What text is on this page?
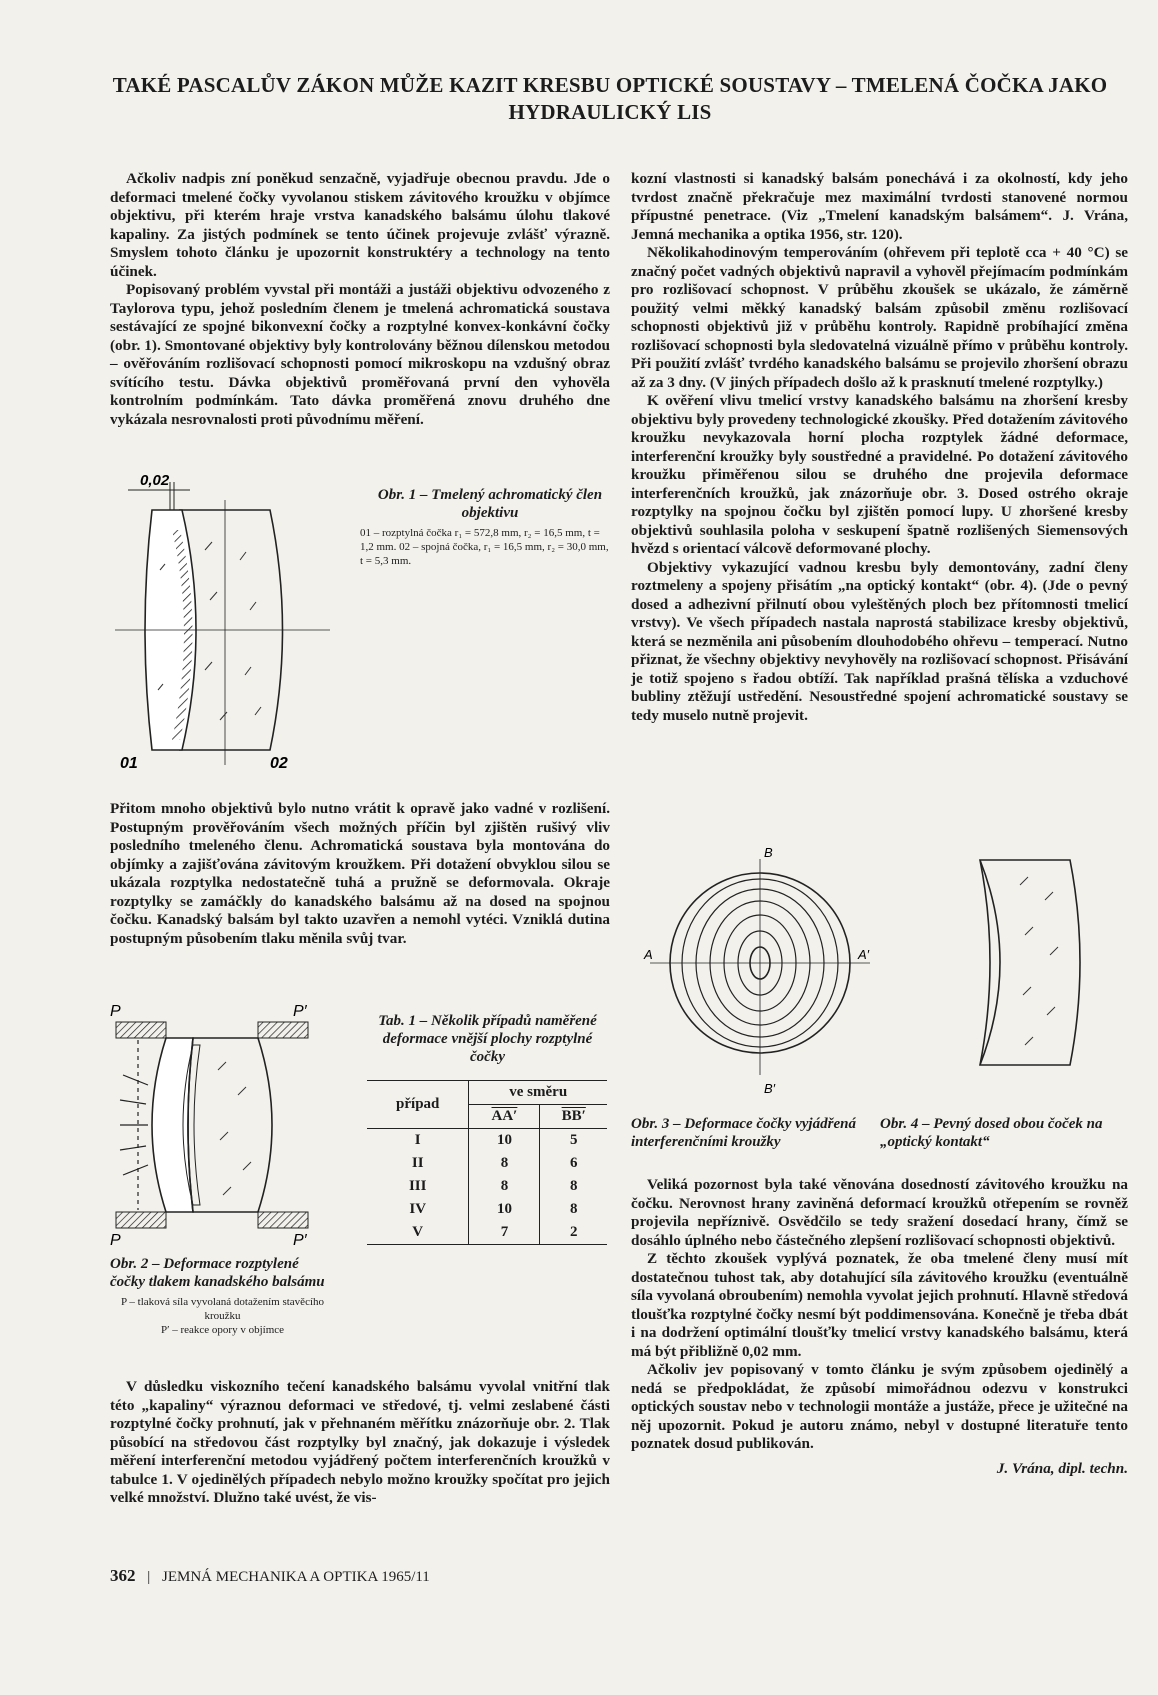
TAKÉ PASCALŮV ZÁKON MŮŽE KAZIT KRESBU OPTICKÉ SOUSTAVY – TMELENÁ ČOČKA JAKO HYDRAULICKÝ LIS

Ačkoliv nadpis zní poněkud senzačně, vyjadřuje obecnou pravdu. Jde o deformaci tmelené čočky vyvolanou stiskem závitového kroužku v objímce objektivu, při kterém hraje vrstva kanadského balsámu úlohu tlakové kapaliny. Za jistých podmínek se tento účinek projevuje zvlášť výrazně. Smyslem tohoto článku je upozornit konstruktéry a technology na tento účinek.

Popisovaný problém vyvstal při montáži a justáži objektivu odvozeného z Taylorova typu, jehož posledním členem je tmelená achromatická soustava sestávající ze spojné bikonvexní čočky a rozptylné konvex-konkávní čočky (obr. 1). Smontované objektivy byly kontrolovány běžnou dílenskou metodou – ověřováním rozlišovací schopnosti pomocí mikroskopu na vzdušný obraz svítícího testu. Dávka objektivů proměřovaná první den vyhověla kontrolním podmínkám. Tato dávka proměřená znovu druhého dne vykázala nesrovnalosti proti původnímu měření.

0,02
01	02
Obr. 1 – Tmelený achromatický člen objektivu
01 – rozptylná čočka r₁ = 572,8 mm, r₂ = 16,5 mm, t = 1,2 mm. 02 – spojná čočka, r₁ = 16,5 mm, r₂ = 30,0 mm, t = 5,3 mm.

Přitom mnoho objektivů bylo nutno vrátit k opravě jako vadné v rozlišení. Postupným prověřováním všech možných příčin byl zjištěn rušivý vliv posledního tmeleného členu. Achromatická soustava byla montována do objímky a zajišťována závitovým kroužkem. Při dotažení obvyklou silou se ukázala rozptylka nedostatečně tuhá a pružně se deformovala. Okraje rozptylky se zamáčkly do kanadského balsámu až na dosed na spojnou čočku. Kanadský balsám byl takto uzavřen a nemohl vytéci. Vzniklá dutina postupným působením tlaku měnila svůj tvar.

P	P′
P	P′
Obr. 2 – Deformace rozptylené čočky tlakem kanadského balsámu
P – tlaková síla vyvolaná dotažením stavěcího kroužku
P′ – reakce opory v objímce
Tab. 1 – Několik případů naměřené deformace vnější plochy rozptylné čočky
případ	ve směru	
	AA′	BB′
I	10	5
II	8	6
III	8	8
IV	10	8
V	7	2

V důsledku viskozního tečení kanadského balsámu vyvolal vnitřní tlak této „kapaliny“ výraznou deformaci ve středové, tj. velmi zeslabené části rozptylné čočky prohnutí, jak v přehnaném měřítku znázorňuje obr. 2. Tlak působící na středovou část rozptylky byl značný, jak dokazuje i výsledek měření interferenční metodou vyjádřený počtem interferenčních kroužků v tabulce 1. V ojedinělých případech nebylo možno kroužky spočítat pro jejich velké množství. Dlužno také uvést, že vis-

kozní vlastnosti si kanadský balsám ponechává i za okolností, kdy jeho tvrdost značně překračuje mez maximální tvrdosti stanovené normou přípustné penetrace. (Viz „Tmelení kanadským balsámem“. J. Vrána, Jemná mechanika a optika 1956, str. 120).

Několikahodinovým temperováním (ohřevem při teplotě cca + 40 °C) se značný počet vadných objektivů napravil a vyhověl přejímacím podmínkám pro rozlišovací schopnost. V průběhu zkoušek se ukázalo, že záměrně použitý velmi měkký kanadský balsám způsobil změnu rozlišovací schopnosti objektivů již v průběhu kontroly. Rapidně probíhající změna rozlišovací schopnosti byla sledovatelná vizuálně přímo v průběhu kontroly. Při použití zvlášť tvrdého kanadského balsámu se projevilo zhoršení obrazu až za 3 dny. (V jiných případech došlo až k prasknutí tmelené rozptylky.)

K ověření vlivu tmelicí vrstvy kanadského balsámu na zhoršení kresby objektivu byly provedeny technologické zkoušky. Před dotažením závitového kroužku nevykazovala horní plocha rozptylek žádné deformace, interferenční kroužky byly soustředné a pravidelné. Po dotažení závitového kroužku přiměřenou silou se druhého dne projevila deformace interferenčních kroužků, jak znázorňuje obr. 3. Dosed ostrého okraje rozptylky na spojnou čočku byl zjištěn pomocí lupy. U zhoršené kresby objektivů souhlasila poloha v seskupení špatně rozlišených Siemensových hvězd s orientací válcově deformované plochy.

Objektivy vykazující vadnou kresbu byly demontovány, zadní členy roztmeleny a spojeny přisátím „na optický kontakt“ (obr. 4). (Jde o pevný dosed a adhezivní přilnutí obou vyleštěných ploch bez přítomnosti tmelicí vrstvy). Ve všech případech nastala naprostá stabilizace kresby objektivů, která se nezměnila ani působením dlouhodobého ohřevu – temperací. Nutno přiznat, že všechny objektivy nevyhověly na rozlišovací schopnost. Přisávání je totiž spojeno s řadou obtíží. Tak například prašná tělíska a vzduchové bubliny ztěžují ustředění. Nesoustředné spojení achromatické soustavy se tedy muselo nutně projevit.

A	A′
B
B′
Obr. 3 – Deformace čočky vyjádřená interferenčními kroužky
Obr. 4 – Pevný dosed obou čoček na „optický kontakt“

Veliká pozornost byla také věnována dosedností závitového kroužku na čočku. Nerovnost hrany zaviněná deformací kroužků otřepením se rovněž projevila nepříznivě. Osvědčilo se tedy sražení dosedací hrany, čímž se dosáhlo úplného nebo částečného zlepšení rozlišovací schopnosti objektivů.

Z těchto zkoušek vyplývá poznatek, že oba tmelené členy musí mít dostatečnou tuhost tak, aby dotahující síla závitového kroužku (eventuálně síla vyvolaná obroubením) nemohla vyvolat jejich prohnutí. Hlavně středová tloušťka rozptylné čočky nesmí být poddimensována. Konečně je třeba dbát i na dodržení optimální tloušťky tmelicí vrstvy kanadského balsámu, která má být přibližně 0,02 mm.

Ačkoliv jev popisovaný v tomto článku je svým způsobem ojedinělý a nedá se předpokládat, že způsobí mimořádnou odezvu v konstrukci optických soustav nebo v technologii montáže a justáže, přece je užitečné na něj upozornit. Pokud je autoru známo, nebyl v dostupné literatuře tento poznatek dosud publikován.

J. Vrána, dipl. techn.
362 | JEMNÁ MECHANIKA A OPTIKA 1965/11
